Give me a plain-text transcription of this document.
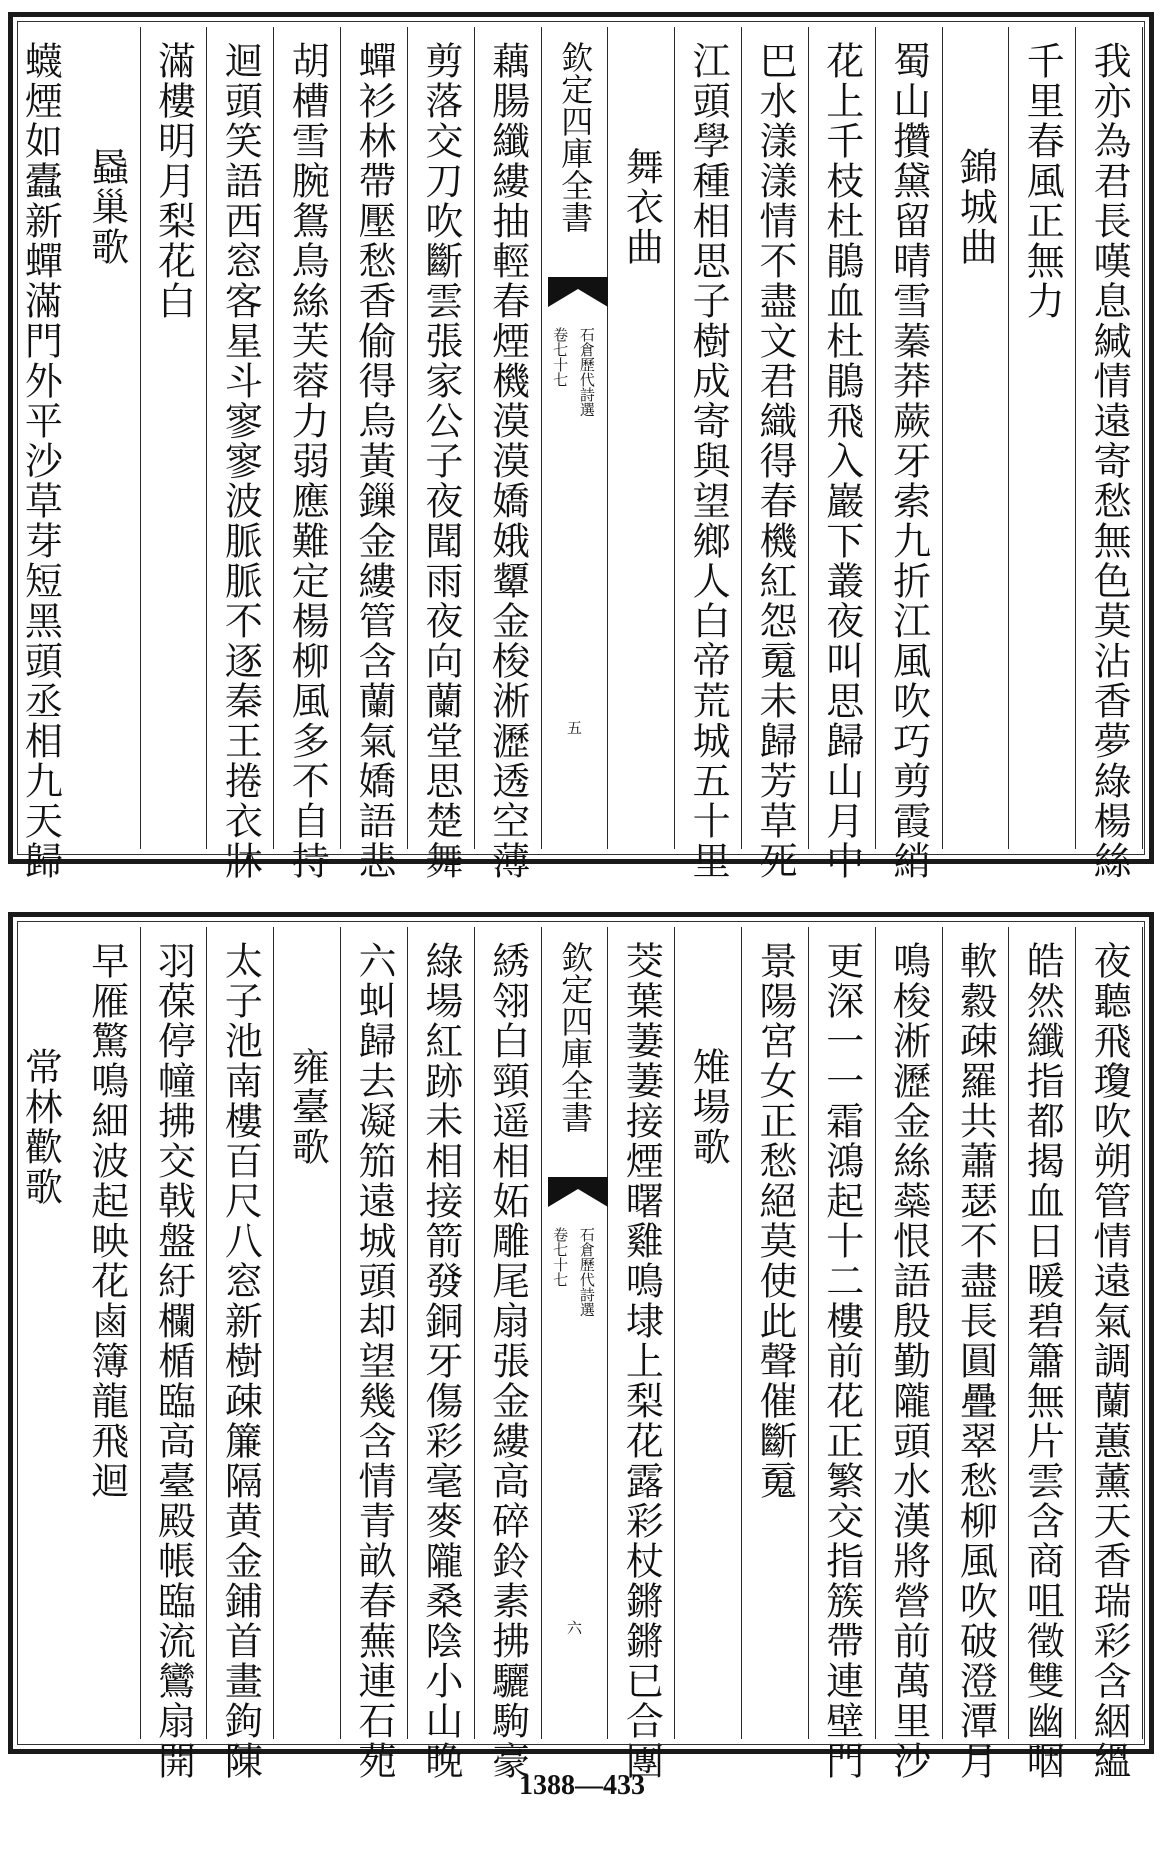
我亦為君長嘆息緘情遠寄愁無色莫沾香夢綠楊絲
千里春風正無力
錦城曲
蜀山攢黛留晴雪蓁莽蕨牙索九折江風吹巧剪霞綃
花上千枝杜鵑血杜鵑飛入巖下叢夜叫思歸山月中
巴水漾漾情不盡文君織得春機紅怨䰟未歸芳草死
江頭學種相思子樹成寄與望鄉人白帝荒城五十里
舞衣曲
欽定四庫全書
石倉歷代詩選
卷七十七
五
藕腸纖縷抽輕春煙機漠漠嬌娥顰金梭淅瀝透空薄
剪落交刀吹斷雲張家公子夜聞雨夜向蘭堂思楚舞
蟬衫林帶壓愁香偷得烏黃鏁金縷管含蘭氣嬌語悲
胡槽雪腕鴛鳥絲芙蓉力弱應難定楊柳風多不自持
迴頭笑語西窓客星斗寥寥波脈脈不逐秦王捲衣牀
滿樓明月梨花白
蟁巢歌
蠛煙如蠹新蟬滿門外平沙草芽短黑頭丞相九天歸
夜聽飛瓊吹朔管情遠氣調蘭蕙薰天香瑞彩含絪縕
皓然纖指都揭血日暖碧簫無片雲含商咀徵雙幽咽
軟縠疎羅共蕭瑟不盡長圓疊翠愁柳風吹破澄潭月
鳴梭淅瀝金絲蘂恨語殷勤隴頭水漢將營前萬里沙
更深一一霜鴻起十二樓前花正繁交指簇帶連壁門
景陽宮女正愁絕莫使此聲催斷䰟
雉場歌
茭葉萋萋接煙曙雞鳴埭上梨花露彩杖鏘鏘已合團
欽定四庫全書
石倉歷代詩選
卷七十七
六
綉翎白頸遥相妬雕尾扇張金縷高碎鈴素拂驪駒豪
綠場紅跡未相接箭發銅牙傷彩毫麥隴桑陰小山晚
六虯歸去凝笳遠城頭却望幾含情青畝春蕪連石苑
雍臺歌
太子池南樓百尺八窓新樹疎簾隔黄金鋪首畫鉤陳
羽葆停幢拂交戟盤紆欄楯臨高臺殿帳臨流鸞扇開
早雁驚鳴細波起映花鹵簿龍飛迴
常林歡歌
1388—433
